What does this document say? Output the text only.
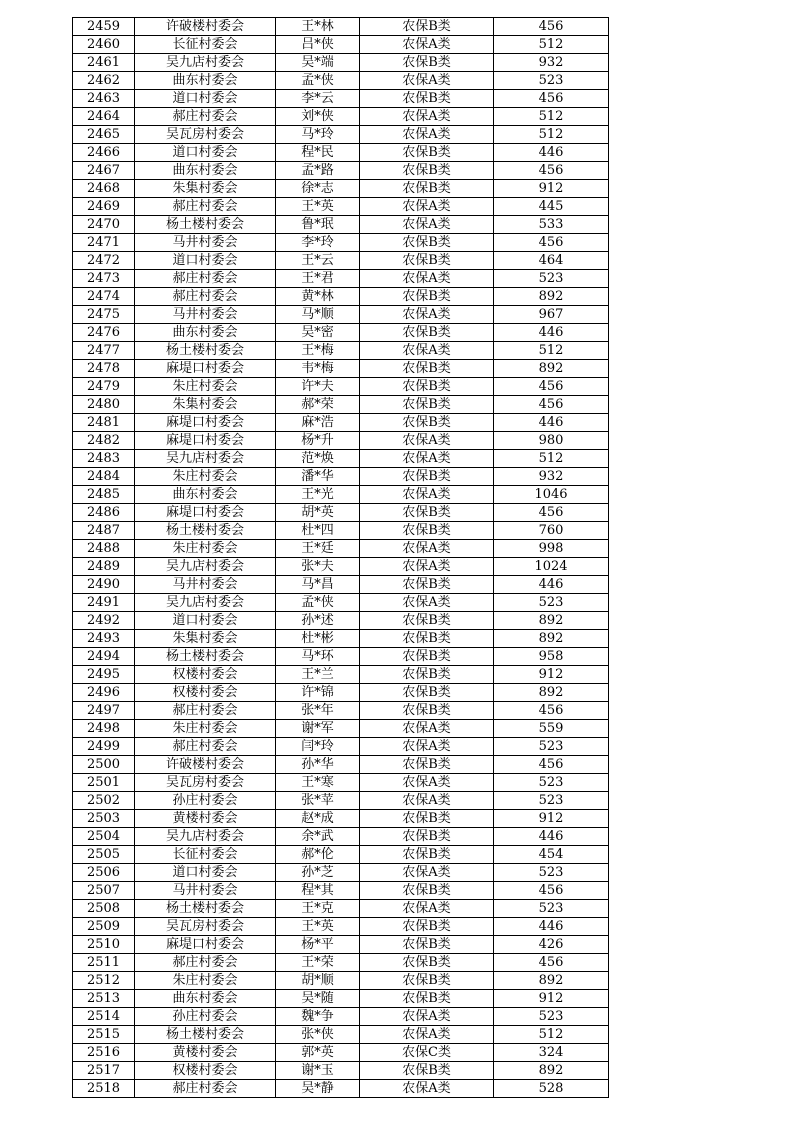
2459	许破楼村委会	王*林	农保B类	456
2460	长征村委会	吕*侠	农保A类	512
2461	吴九店村委会	吴*端	农保B类	932
2462	曲东村委会	孟*侠	农保A类	523
2463	道口村委会	李*云	农保B类	456
2464	郝庄村委会	刘*侠	农保A类	512
2465	吴瓦房村委会	马*玲	农保A类	512
2466	道口村委会	程*民	农保B类	446
2467	曲东村委会	孟*路	农保B类	456
2468	朱集村委会	徐*志	农保B类	912
2469	郝庄村委会	王*英	农保A类	445
2470	杨土楼村委会	鲁*珉	农保A类	533
2471	马井村委会	李*玲	农保B类	456
2472	道口村委会	王*云	农保B类	464
2473	郝庄村委会	王*君	农保A类	523
2474	郝庄村委会	黄*林	农保B类	892
2475	马井村委会	马*顺	农保A类	967
2476	曲东村委会	吴*密	农保B类	446
2477	杨土楼村委会	王*梅	农保A类	512
2478	麻堤口村委会	韦*梅	农保B类	892
2479	朱庄村委会	许*夫	农保B类	456
2480	朱集村委会	郝*荣	农保B类	456
2481	麻堤口村委会	麻*浩	农保B类	446
2482	麻堤口村委会	杨*升	农保A类	980
2483	吴九店村委会	范*焕	农保A类	512
2484	朱庄村委会	潘*华	农保B类	932
2485	曲东村委会	王*光	农保A类	1046
2486	麻堤口村委会	胡*英	农保B类	456
2487	杨土楼村委会	杜*四	农保B类	760
2488	朱庄村委会	王*廷	农保A类	998
2489	吴九店村委会	张*夫	农保A类	1024
2490	马井村委会	马*昌	农保B类	446
2491	吴九店村委会	孟*侠	农保A类	523
2492	道口村委会	孙*述	农保B类	892
2493	朱集村委会	杜*彬	农保B类	892
2494	杨土楼村委会	马*环	农保B类	958
2495	权楼村委会	王*兰	农保B类	912
2496	权楼村委会	许*锦	农保B类	892
2497	郝庄村委会	张*年	农保B类	456
2498	朱庄村委会	谢*军	农保A类	559
2499	郝庄村委会	闫*玲	农保A类	523
2500	许破楼村委会	孙*华	农保B类	456
2501	吴瓦房村委会	王*寒	农保A类	523
2502	孙庄村委会	张*苹	农保A类	523
2503	黄楼村委会	赵*成	农保B类	912
2504	吴九店村委会	余*武	农保B类	446
2505	长征村委会	郝*伦	农保B类	454
2506	道口村委会	孙*芝	农保A类	523
2507	马井村委会	程*其	农保B类	456
2508	杨土楼村委会	王*克	农保A类	523
2509	吴瓦房村委会	王*英	农保B类	446
2510	麻堤口村委会	杨*平	农保B类	426
2511	郝庄村委会	王*荣	农保B类	456
2512	朱庄村委会	胡*顺	农保B类	892
2513	曲东村委会	吴*随	农保B类	912
2514	孙庄村委会	魏*争	农保A类	523
2515	杨土楼村委会	张*侠	农保A类	512
2516	黄楼村委会	郭*英	农保C类	324
2517	权楼村委会	谢*玉	农保B类	892
2518	郝庄村委会	吴*静	农保A类	528
